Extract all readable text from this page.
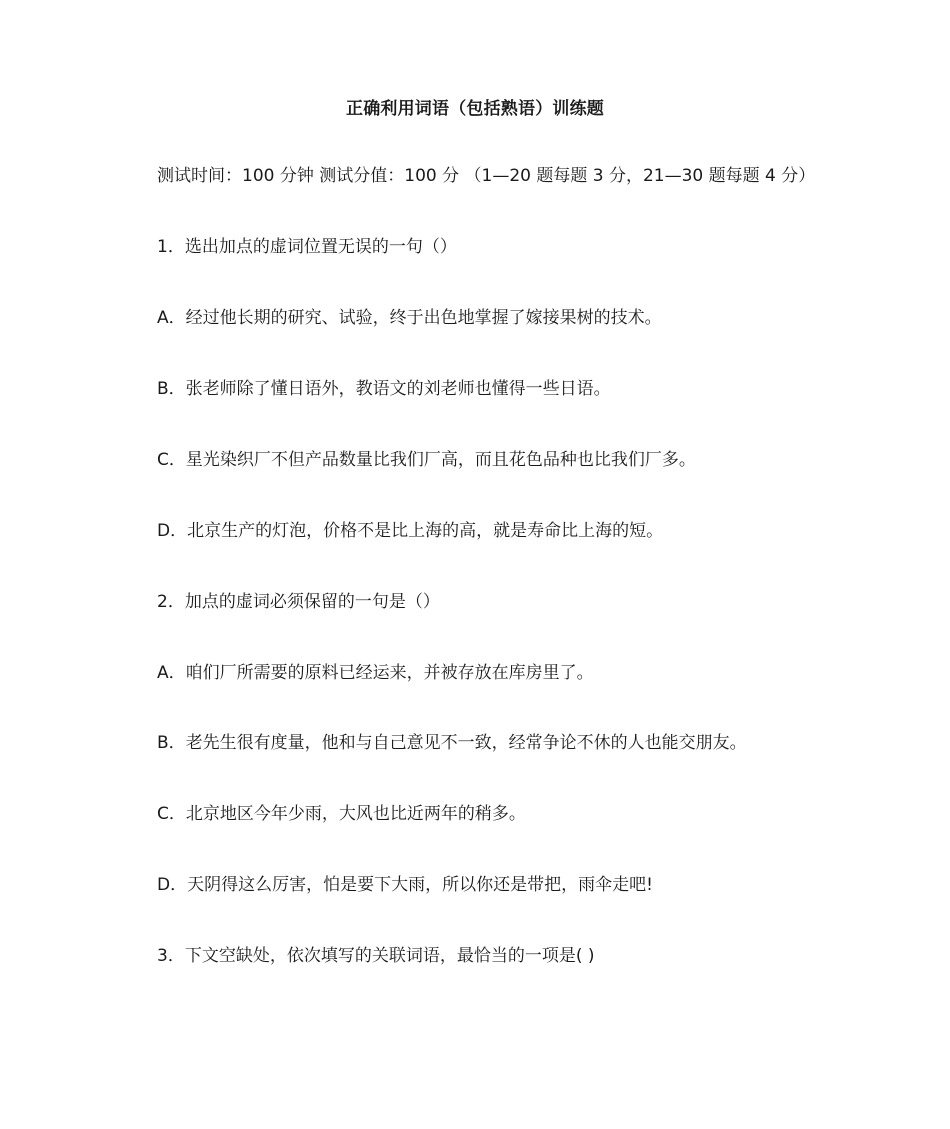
正确利用词语（包括熟语）训练题
测试时间：100 分钟 测试分值：100 分 （1—20 题每题 3 分，21—30 题每题 4 分）
1．选出加点的虚词位置无误的一句（）
A．经过他长期的研究、试验，终于出色地掌握了嫁接果树的技术。
B．张老师除了懂日语外，教语文的刘老师也懂得一些日语。
C．星光染织厂不但产品数量比我们厂高，而且花色品种也比我们厂多。
D．北京生产的灯泡，价格不是比上海的高，就是寿命比上海的短。
2．加点的虚词必须保留的一句是（）
A．咱们厂所需要的原料已经运来，并被存放在库房里了。
B．老先生很有度量，他和与自己意见不一致，经常争论不休的人也能交朋友。
C．北京地区今年少雨，大风也比近两年的稍多。
D．天阴得这么厉害，怕是要下大雨，所以你还是带把，雨伞走吧!
3．下文空缺处，依次填写的关联词语，最恰当的一项是( )
